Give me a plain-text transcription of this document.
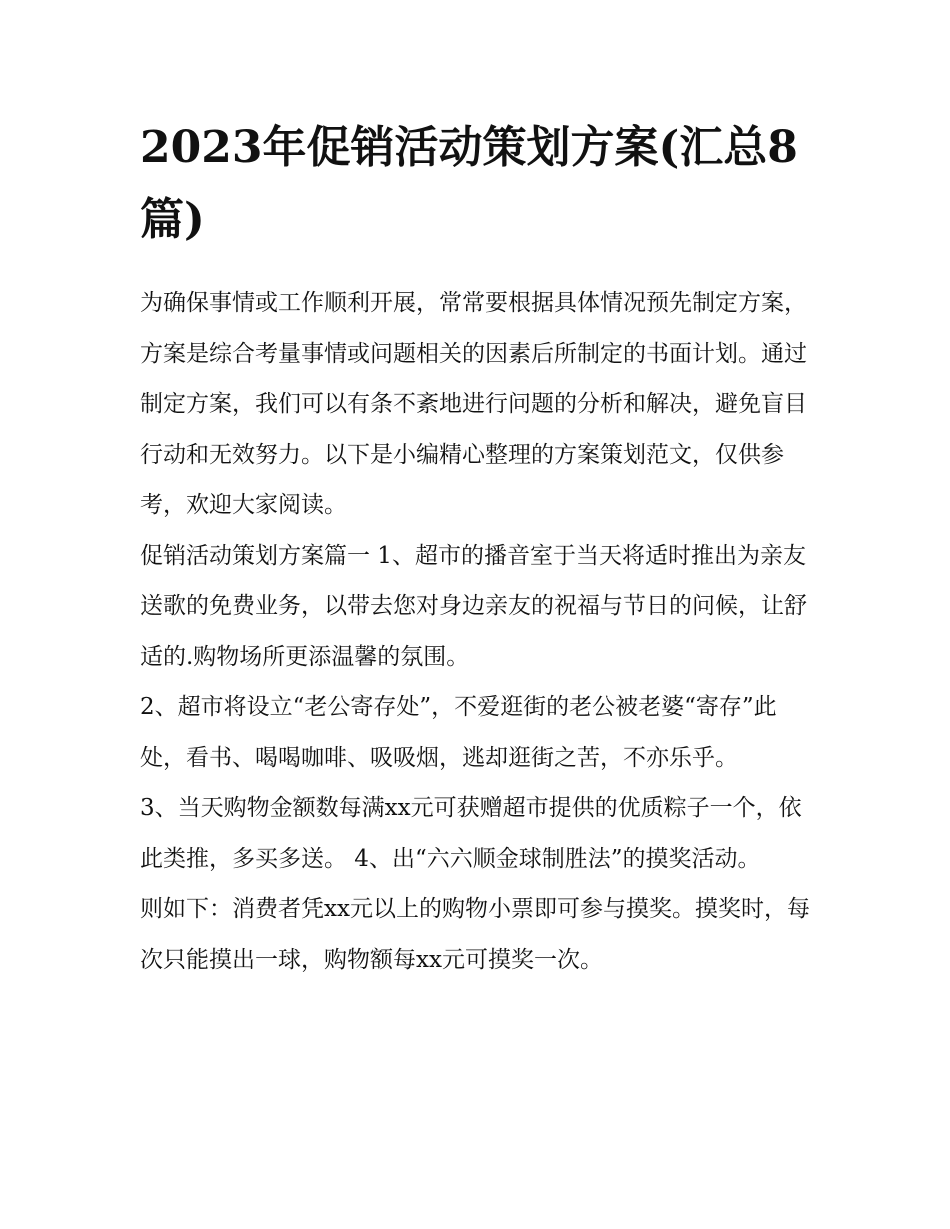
2023年促销活动策划方案(汇总8篇)

为确保事情或工作顺利开展，常常要根据具体情况预先制定方案，方案是综合考量事情或问题相关的因素后所制定的书面计划。通过制定方案，我们可以有条不紊地进行问题的分析和解决，避免盲目行动和无效努力。以下是小编精心整理的方案策划范文，仅供参考，欢迎大家阅读。

促销活动策划方案篇一 1、超市的播音室于当天将适时推出为亲友送歌的免费业务，以带去您对身边亲友的祝福与节日的问候，让舒适的.购物场所更添温馨的氛围。

2、超市将设立“老公寄存处”，不爱逛街的老公被老婆“寄存”此处，看书、喝喝咖啡、吸吸烟，逃却逛街之苦，不亦乐乎。

3、当天购物金额数每满xx元可获赠超市提供的优质粽子一个，依此类推，多买多送。 4、出“六六顺金球制胜法”的摸奖活动。

则如下：消费者凭xx元以上的购物小票即可参与摸奖。摸奖时，每次只能摸出一球，购物额每xx元可摸奖一次。
